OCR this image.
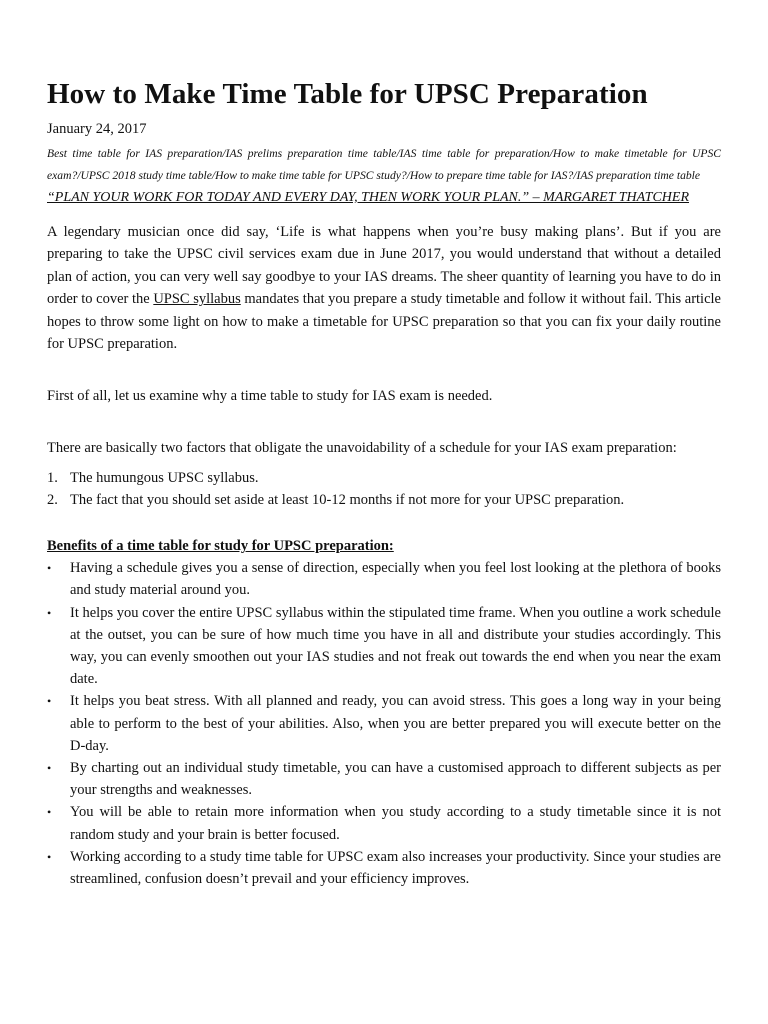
How to Make Time Table for UPSC Preparation
January 24, 2017
Best time table for IAS preparation/IAS prelims preparation time table/IAS time table for preparation/How to make timetable for UPSC exam?/UPSC 2018 study time table/How to make time table for UPSC study?/How to prepare time table for IAS?/IAS preparation time table
“PLAN YOUR WORK FOR TODAY AND EVERY DAY, THEN WORK YOUR PLAN.” – MARGARET THATCHER

A legendary musician once did say, ‘Life is what happens when you’re busy making plans’. But if you are preparing to take the UPSC civil services exam due in June 2017, you would understand that without a detailed plan of action, you can very well say goodbye to your IAS dreams. The sheer quantity of learning you have to do in order to cover the UPSC syllabus mandates that you prepare a study timetable and follow it without fail. This article hopes to throw some light on how to make a timetable for UPSC preparation so that you can fix your daily routine for UPSC preparation.

First of all, let us examine why a time table to study for IAS exam is needed.

There are basically two factors that obligate the unavoidability of a schedule for your IAS exam preparation:

1. The humungous UPSC syllabus.
2. The fact that you should set aside at least 10-12 months if not more for your UPSC preparation.
Benefits of a time table for study for UPSC preparation:
• Having a schedule gives you a sense of direction, especially when you feel lost looking at the plethora of books and study material around you.
• It helps you cover the entire UPSC syllabus within the stipulated time frame. When you outline a work schedule at the outset, you can be sure of how much time you have in all and distribute your studies accordingly. This way, you can evenly smoothen out your IAS studies and not freak out towards the end when you near the exam date.
• It helps you beat stress. With all planned and ready, you can avoid stress. This goes a long way in your being able to perform to the best of your abilities. Also, when you are better prepared you will execute better on the D-day.
• By charting out an individual study timetable, you can have a customised approach to different subjects as per your strengths and weaknesses.
• You will be able to retain more information when you study according to a study timetable since it is not random study and your brain is better focused.
• Working according to a study time table for UPSC exam also increases your productivity. Since your studies are streamlined, confusion doesn’t prevail and your efficiency improves.
